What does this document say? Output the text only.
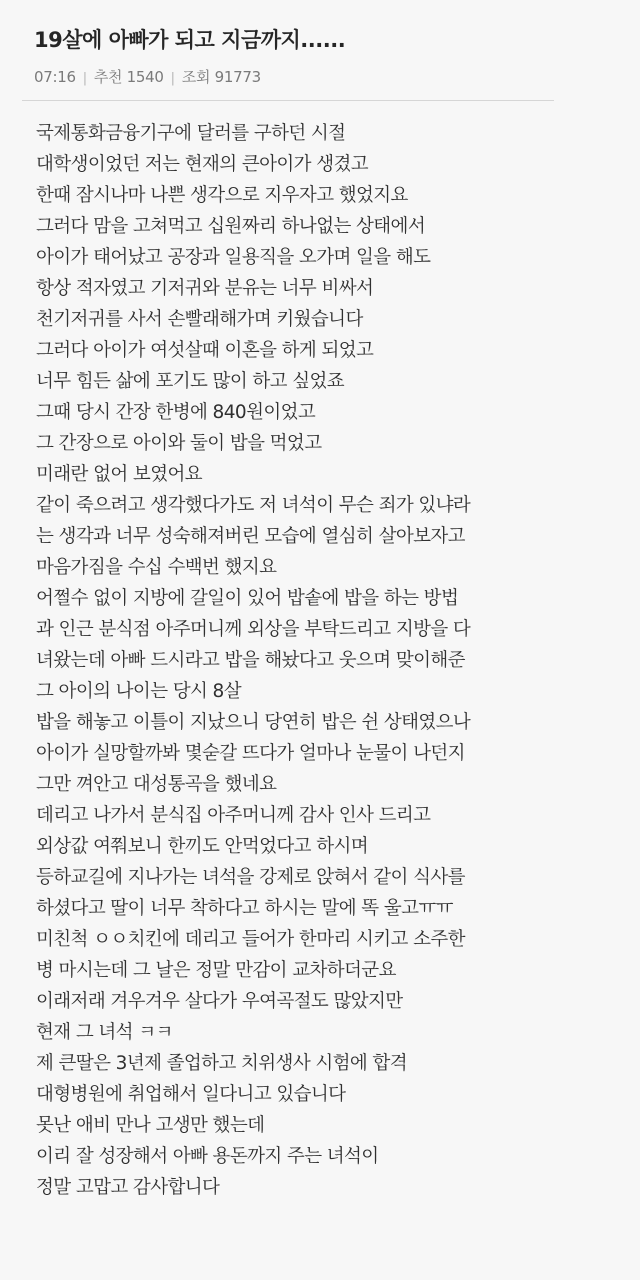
19살에 아빠가 되고 지금까지......
07:16 | 추천 1540 | 조회 91773
국제통화금융기구에 달러를 구하던 시절
대학생이었던 저는 현재의 큰아이가 생겼고
한때 잠시나마 나쁜 생각으로 지우자고 했었지요
그러다 맘을 고쳐먹고 십원짜리 하나없는 상태에서
아이가 태어났고 공장과 일용직을 오가며 일을 해도
항상 적자였고 기저귀와 분유는 너무 비싸서
천기저귀를 사서 손빨래해가며 키웠습니다
그러다 아이가 여섯살때 이혼을 하게 되었고
너무 힘든 삶에 포기도 많이 하고 싶었죠
그때 당시 간장 한병에 840원이었고
그 간장으로 아이와 둘이 밥을 먹었고
미래란 없어 보였어요
같이 죽으려고 생각했다가도 저 녀석이 무슨 죄가 있냐라
는 생각과 너무 성숙해져버린 모습에 열심히 살아보자고
마음가짐을 수십 수백번 했지요
어쩔수 없이 지방에 갈일이 있어 밥솥에 밥을 하는 방법
과 인근 분식점 아주머니께 외상을 부탁드리고 지방을 다
녀왔는데 아빠 드시라고 밥을 해놨다고 웃으며 맞이해준
그 아이의 나이는 당시 8살
밥을 해놓고 이틀이 지났으니 당연히 밥은 쉰 상태였으나
아이가 실망할까봐 몇숟갈 뜨다가 얼마나 눈물이 나던지
그만 껴안고 대성통곡을 했네요
데리고 나가서 분식집 아주머니께 감사 인사 드리고
외상값 여쭤보니 한끼도 안먹었다고 하시며
등하교길에 지나가는 녀석을 강제로 앉혀서 같이 식사를
하셨다고 딸이 너무 착하다고 하시는 말에 똑 울고ㅠㅠ
미친척 ㅇㅇ치킨에 데리고 들어가 한마리 시키고 소주한
병 마시는데 그 날은 정말 만감이 교차하더군요
이래저래 겨우겨우 살다가 우여곡절도 많았지만
현재 그 녀석 ㅋㅋ
제 큰딸은 3년제 졸업하고 치위생사 시험에 합격
대형병원에 취업해서 일다니고 있습니다
못난 애비 만나 고생만 했는데
이리 잘 성장해서 아빠 용돈까지 주는 녀석이
정말 고맙고 감사합니다
